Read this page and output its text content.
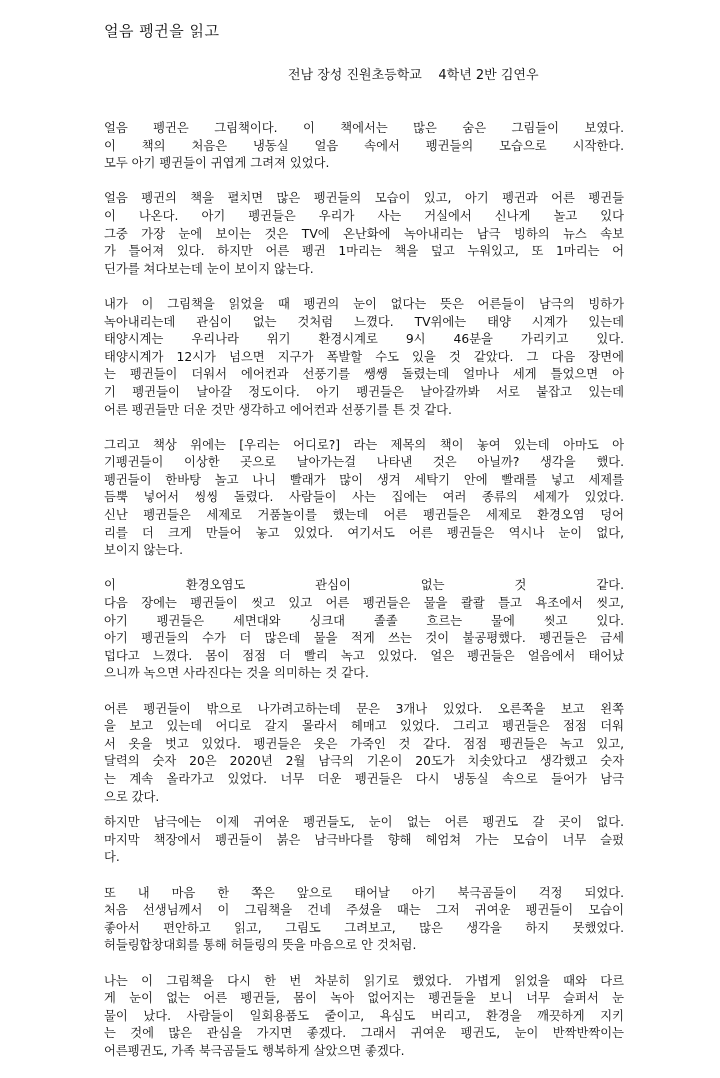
얼음 펭귄을 읽고
전남 장성 진원초등학교    4학년 2반 김연우
얼음 펭귄은 그림책이다. 이 책에서는 많은 숨은 그림들이 보였다.
이 책의 처음은 냉동실 얼음 속에서 펭귄들의 모습으로 시작한다.
모두 아기 펭귄들이 귀엽게 그려져 있었다.
얼음 펭귄의 책을 펼치면 많은 펭귄들의 모습이 있고, 아기 펭귄과 어른 펭귄들
이 나온다. 아기 펭귄들은 우리가 사는 거실에서 신나게 놀고 있다
그중 가장 눈에 보이는 것은 TV에 온난화에 녹아내리는 남극 빙하의 뉴스 속보
가 틀어져 있다. 하지만 어른 펭귄 1마리는 책을 덮고 누워있고, 또 1마리는 어
딘가를 쳐다보는데 눈이 보이지 않는다.
내가 이 그림책을 읽었을 때 펭귄의 눈이 없다는 뜻은 어른들이 남극의 빙하가
녹아내리는데 관심이 없는 것처럼 느꼈다. TV위에는 태양 시계가 있는데
태양시계는 우리나라 위기 환경시계로 9시 46분을 가리키고 있다.
태양시계가 12시가 넘으면 지구가 폭발할 수도 있을 것 같았다. 그 다음 장면에
는 펭귄들이 더워서 에어컨과 선풍기를 쌩쌩 돌렸는데 얼마나 세게 틀었으면 아
기 펭귄들이 날아갈 정도이다. 아기 펭귄들은 날아갈까봐 서로 붙잡고 있는데
어른 펭귄들만 더운 것만 생각하고 에어컨과 선풍기를 튼 것 같다.
그리고 책상 위에는 [우리는 어디로?] 라는 제목의 책이 놓여 있는데 아마도 아
기펭귄들이 이상한 곳으로 날아가는걸 나타낸 것은 아닐까? 생각을 했다.
펭귄들이 한바탕 놀고 나니 빨래가 많이 생겨 세탁기 안에 빨래를 넣고 세제를
듬뿍 넣어서 씽씽 돌렸다. 사람들이 사는 집에는 여러 종류의 세제가 있었다.
신난 펭귄들은 세제로 거품놀이를 했는데 어른 펭귄들은 세제로 환경오염 덩어
리를 더 크게 만들어 놓고 있었다. 여기서도 어른 펭귄들은 역시나 눈이 없다,
보이지 않는다.
이 환경오염도 관심이 없는 것 같다.
다음 장에는 펭귄들이 씻고 있고 어른 펭귄들은 물을 콸콸 틀고 욕조에서 씻고,
아기 펭귄들은 세면대와 싱크대 졸졸 흐르는 물에 씻고 있다.
아기 펭귄들의 수가 더 많은데 물을 적게 쓰는 것이 불공평했다. 펭귄들은 금세
덥다고 느꼈다. 몸이 점점 더 빨리 녹고 있었다. 얼은 펭귄들은 얼음에서 태어났
으니까 녹으면 사라진다는 것을 의미하는 것 같다.
어른 펭귄들이 밖으로 나가려고하는데 문은 3개나 있었다. 오른쪽을 보고 왼쪽
을 보고 있는데 어디로 갈지 몰라서 헤매고 있었다. 그리고 펭귄들은 점점 더워
서 옷을 벗고 있었다. 펭귄들은 옷은 가죽인 것 같다. 점점 펭귄들은 녹고 있고,
달력의 숫자 20은 2020년 2월 남극의 기온이 20도가 치솟았다고 생각했고 숫자
는 계속 올라가고 있었다. 너무 더운 펭귄들은 다시 냉동실 속으로 들어가 남극
으로 갔다.
하지만 남극에는 이제 귀여운 펭귄들도, 눈이 없는 어른 펭귄도 갈 곳이 없다.
마지막 책장에서 펭귄들이 붉은 남극바다를 향해 헤엄쳐 가는 모습이 너무 슬펐
다.
또 내 마음 한 쪽은 앞으로 태어날 아기 북극곰들이 걱정 되었다.
처음 선생님께서 이 그림책을 건네 주셨을 때는 그저 귀여운 펭귄들이 모습이
좋아서 편안하고 읽고, 그림도 그려보고, 많은 생각을 하지 못했었다.
허들링합창대회를 통해 허들링의 뜻을 마음으로 안 것처럼.
나는 이 그림책을 다시 한 번 차분히 읽기로 했었다. 가볍게 읽었을 때와 다르
게 눈이 없는 어른 펭귄들, 몸이 녹아 없어지는 펭귄들을 보니 너무 슬퍼서 눈
물이 났다. 사람들이 일회용품도 줄이고, 욕심도 버리고, 환경을 깨끗하게 지키
는 것에 많은 관심을 가지면 좋겠다. 그래서 귀여운 펭귄도, 눈이 반짝반짝이는
어른펭귄도, 가족 북극곰들도 행복하게 살았으면 좋겠다.
